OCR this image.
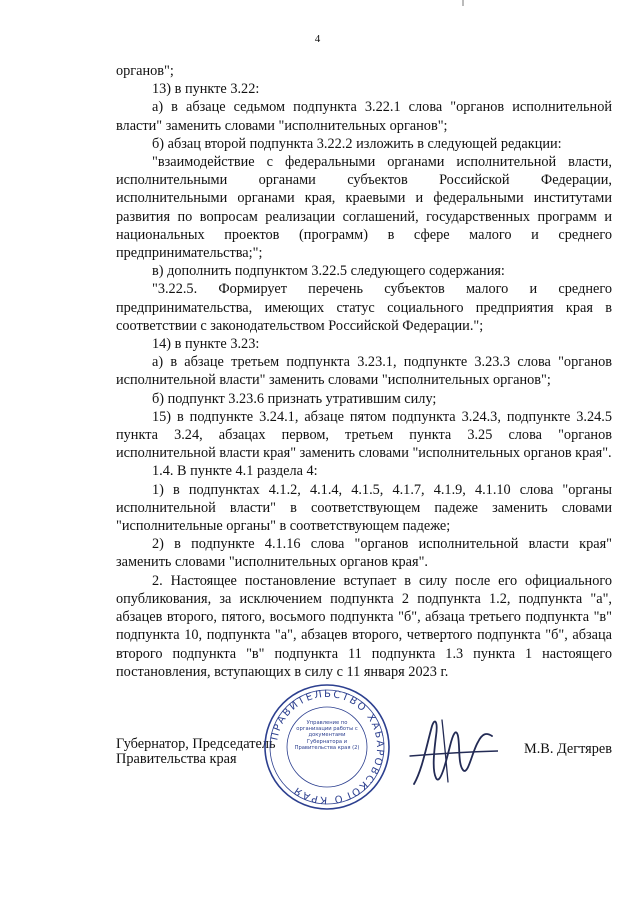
4

органов";

13) в пункте 3.22:

а) в абзаце седьмом подпункта 3.22.1 слова "органов исполнительной власти" заменить словами "исполнительных органов";

б) абзац второй подпункта 3.22.2 изложить в следующей редакции:

"взаимодействие с федеральными органами исполнительной власти, исполнительными органами субъектов Российской Федерации, исполнительными органами края, краевыми и федеральными институтами развития по вопросам реализации соглашений, государственных программ и национальных проектов (программ) в сфере малого и среднего предпринимательства;";

в) дополнить подпунктом 3.22.5 следующего содержания:

"3.22.5. Формирует перечень субъектов малого и среднего предпринимательства, имеющих статус социального предприятия края в соответствии с законодательством Российской Федерации.";

14) в пункте 3.23:

а) в абзаце третьем подпункта 3.23.1, подпункте 3.23.3 слова "органов исполнительной власти" заменить словами "исполнительных органов";

б) подпункт 3.23.6 признать утратившим силу;

15) в подпункте 3.24.1, абзаце пятом подпункта 3.24.3, подпункте 3.24.5 пункта 3.24, абзацах первом, третьем пункта 3.25 слова "органов исполнительной власти края" заменить словами "исполнительных органов края".

1.4. В пункте 4.1 раздела 4:

1) в подпунктах 4.1.2, 4.1.4, 4.1.5, 4.1.7, 4.1.9, 4.1.10 слова "органы исполнительной власти" в соответствующем падеже заменить словами "исполнительные органы" в соответствующем падеже;

2) в подпункте 4.1.16 слова "органов исполнительной власти края" заменить словами "исполнительных органов края".

2. Настоящее постановление вступает в силу после его официального опубликования, за исключением подпункта 2 подпункта 1.2, подпункта "а", абзацев второго, пятого, восьмого подпункта "б", абзаца третьего подпункта "в" подпункта 10, подпункта "а", абзацев второго, четвертого подпункта "б", абзаца второго подпункта "в" подпункта 11 подпункта 1.3 пункта 1 настоящего постановления, вступающих в силу с 11 января 2023 г.

Губернатор, Председатель
Правительства края
ПРАВИТЕЛЬСТВО ХАБАРОВСКОГО КРАЯ
Управление по организации работы с документами Губернатора и Правительства края (2)	М.В. Дегтярев
